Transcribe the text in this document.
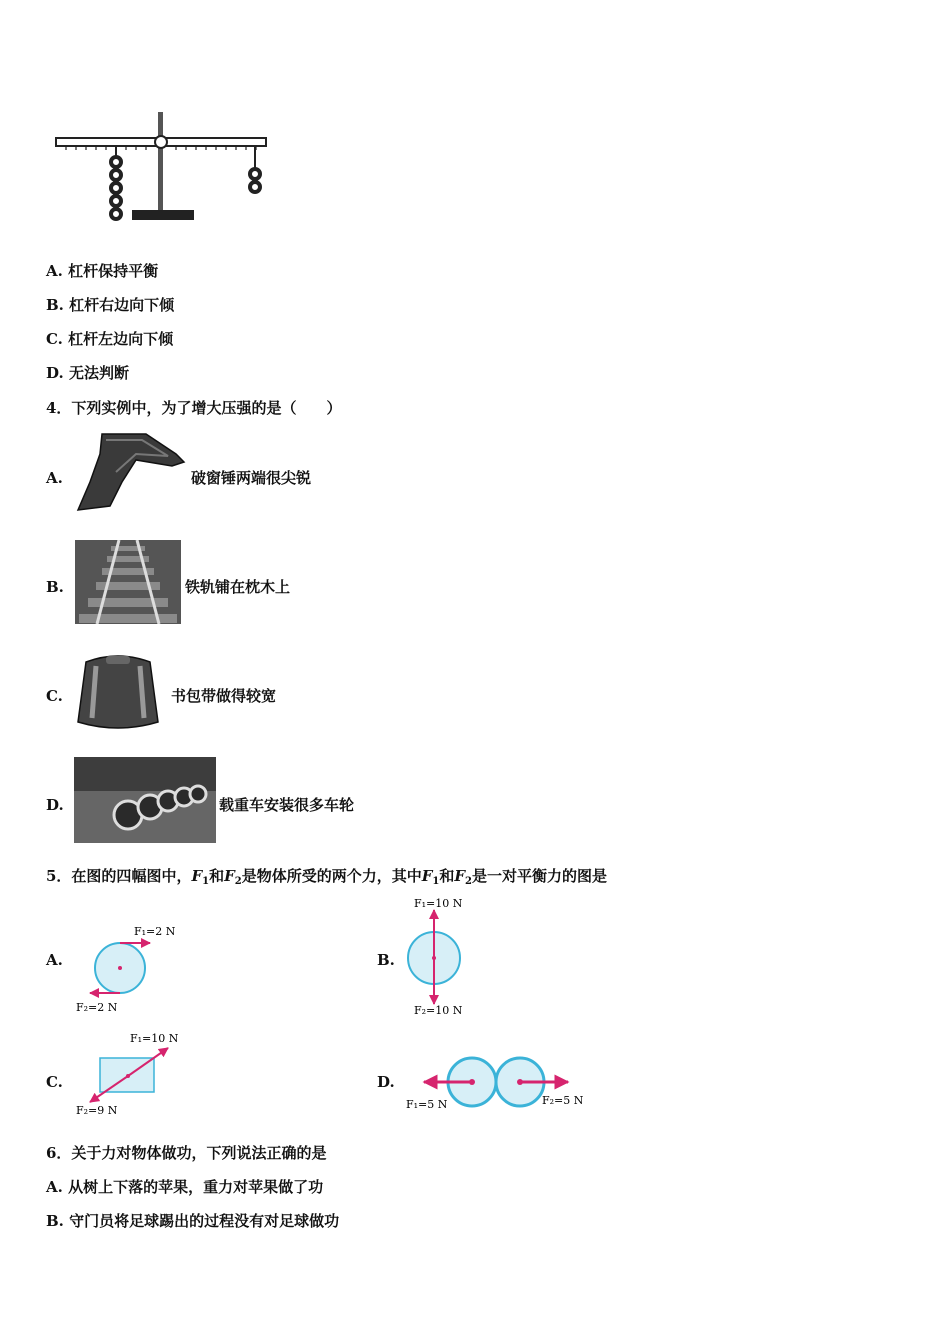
A. 杠杆保持平衡
B. 杠杆右边向下倾
C. 杠杆左边向下倾
D. 无法判断
4．下列实例中，为了增大压强的是（　　）
A.	破窗锤两端很尖锐
B.	铁轨铺在枕木上
C.	书包带做得较宽
D.	载重车安装很多车轮
5．在图的四幅图中，$F_1$和$F_2$是物体所受的两个力，其中$F_1$和$F_2$是一对平衡力的图是
A.
F₁=2 N
F₂=2 N
B.
F₁=10 N
F₂=10 N
C.
F₁=10 N
F₂=9 N
D.
F₁=5 N	F₂=5 N
6．关于力对物体做功，下列说法正确的是
A. 从树上下落的苹果，重力对苹果做了功
B. 守门员将足球踢出的过程没有对足球做功
